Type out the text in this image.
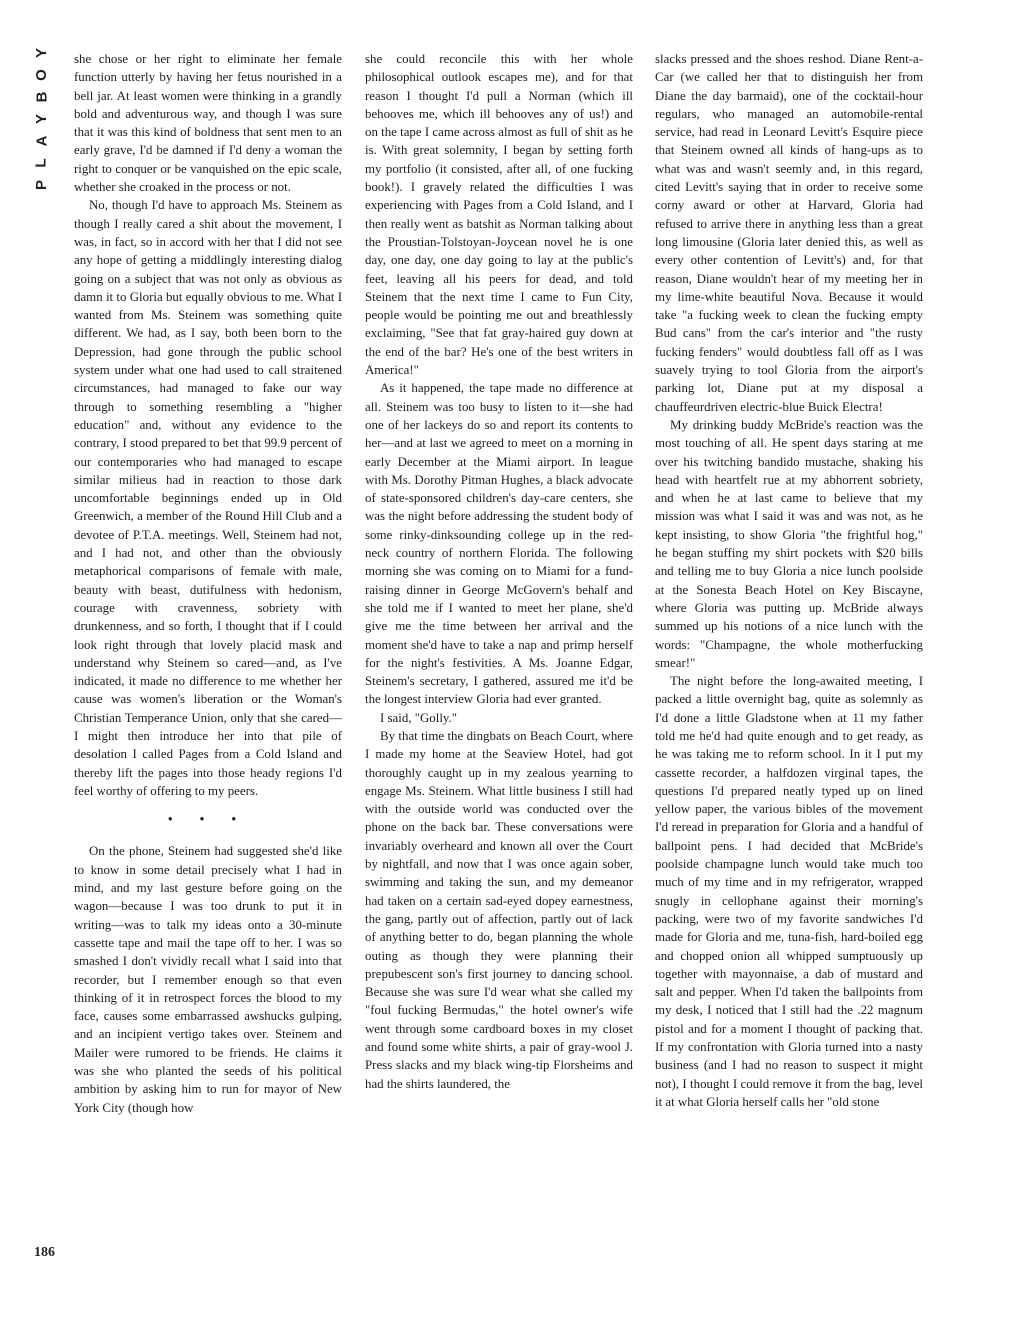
Y
O
B
Y
A
L
P
186

she chose or her right to eliminate her female function utterly by having her fetus nourished in a bell jar. At least women were thinking in a grandly bold and adventurous way, and though I was sure that it was this kind of boldness that sent men to an early grave, I'd be damned if I'd deny a woman the right to conquer or be vanquished on the epic scale, whether she croaked in the process or not.

No, though I'd have to approach Ms. Steinem as though I really cared a shit about the movement, I was, in fact, so in accord with her that I did not see any hope of getting a middlingly interesting dialog going on a subject that was not only as obvious as damn it to Gloria but equally obvious to me. What I wanted from Ms. Steinem was something quite different. We had, as I say, both been born to the Depression, had gone through the public school system under what one had used to call straitened circumstances, had managed to fake our way through to something resembling a "higher education" and, without any evidence to the contrary, I stood prepared to bet that 99.9 percent of our contemporaries who had managed to escape similar milieus had in reaction to those dark uncomfortable beginnings ended up in Old Greenwich, a member of the Round Hill Club and a devotee of P.T.A. meetings. Well, Steinem had not, and I had not, and other than the obviously metaphorical comparisons of female with male, beauty with beast, dutifulness with hedonism, courage with cravenness, sobriety with drunkenness, and so forth, I thought that if I could look right through that lovely placid mask and understand why Steinem so cared—and, as I've indicated, it made no difference to me whether her cause was women's liberation or the Woman's Christian Temperance Union, only that she cared—I might then introduce her into that pile of desolation I called Pages from a Cold Island and thereby lift the pages into those heady regions I'd feel worthy of offering to my peers.

• • •

On the phone, Steinem had suggested she'd like to know in some detail precisely what I had in mind, and my last gesture before going on the wagon—because I was too drunk to put it in writing—was to talk my ideas onto a 30-minute cassette tape and mail the tape off to her. I was so smashed I don't vividly recall what I said into that recorder, but I remember enough so that even thinking of it in retrospect forces the blood to my face, causes some embarrassed awshucks gulping, and an incipient vertigo takes over. Steinem and Mailer were rumored to be friends. He claims it was she who planted the seeds of his political ambition by asking him to run for mayor of New York City (though how

she could reconcile this with her whole philosophical outlook escapes me), and for that reason I thought I'd pull a Norman (which ill behooves me, which ill behooves any of us!) and on the tape I came across almost as full of shit as he is. With great solemnity, I began by setting forth my portfolio (it consisted, after all, of one fucking book!). I gravely related the difficulties I was experiencing with Pages from a Cold Island, and I then really went as batshit as Norman talking about the Proustian-Tolstoyan-Joycean novel he is one day, one day, one day going to lay at the public's feet, leaving all his peers for dead, and told Steinem that the next time I came to Fun City, people would be pointing me out and breathlessly exclaiming, "See that fat gray-haired guy down at the end of the bar? He's one of the best writers in America!"

As it happened, the tape made no difference at all. Steinem was too busy to listen to it—she had one of her lackeys do so and report its contents to her—and at last we agreed to meet on a morning in early December at the Miami airport. In league with Ms. Dorothy Pitman Hughes, a black advocate of state-sponsored children's day-care centers, she was the night before addressing the student body of some rinky-dinksounding college up in the red-neck country of northern Florida. The following morning she was coming on to Miami for a fund-raising dinner in George McGovern's behalf and she told me if I wanted to meet her plane, she'd give me the time between her arrival and the moment she'd have to take a nap and primp herself for the night's festivities. A Ms. Joanne Edgar, Steinem's secretary, I gathered, assured me it'd be the longest interview Gloria had ever granted.

I said, "Golly."

By that time the dingbats on Beach Court, where I made my home at the Seaview Hotel, had got thoroughly caught up in my zealous yearning to engage Ms. Steinem. What little business I still had with the outside world was conducted over the phone on the back bar. These conversations were invariably overheard and known all over the Court by nightfall, and now that I was once again sober, swimming and taking the sun, and my demeanor had taken on a certain sad-eyed dopey earnestness, the gang, partly out of affection, partly out of lack of anything better to do, began planning the whole outing as though they were planning their prepubescent son's first journey to dancing school. Because she was sure I'd wear what she called my "foul fucking Bermudas," the hotel owner's wife went through some cardboard boxes in my closet and found some white shirts, a pair of gray-wool J. Press slacks and my black wing-tip Florsheims and had the shirts laundered, the

slacks pressed and the shoes reshod. Diane Rent-a-Car (we called her that to distinguish her from Diane the day barmaid), one of the cocktail-hour regulars, who managed an automobile-rental service, had read in Leonard Levitt's Esquire piece that Steinem owned all kinds of hang-ups as to what was and wasn't seemly and, in this regard, cited Levitt's saying that in order to receive some corny award or other at Harvard, Gloria had refused to arrive there in anything less than a great long limousine (Gloria later denied this, as well as every other contention of Levitt's) and, for that reason, Diane wouldn't hear of my meeting her in my lime-white beautiful Nova. Because it would take "a fucking week to clean the fucking empty Bud cans" from the car's interior and "the rusty fucking fenders" would doubtless fall off as I was suavely trying to tool Gloria from the airport's parking lot, Diane put at my disposal a chauffeurdriven electric-blue Buick Electra!

My drinking buddy McBride's reaction was the most touching of all. He spent days staring at me over his twitching bandido mustache, shaking his head with heartfelt rue at my abhorrent sobriety, and when he at last came to believe that my mission was what I said it was and was not, as he kept insisting, to show Gloria "the frightful hog," he began stuffing my shirt pockets with $20 bills and telling me to buy Gloria a nice lunch poolside at the Sonesta Beach Hotel on Key Biscayne, where Gloria was putting up. McBride always summed up his notions of a nice lunch with the words: "Champagne, the whole motherfucking smear!"

The night before the long-awaited meeting, I packed a little overnight bag, quite as solemnly as I'd done a little Gladstone when at 11 my father told me he'd had quite enough and to get ready, as he was taking me to reform school. In it I put my cassette recorder, a halfdozen virginal tapes, the questions I'd prepared neatly typed up on lined yellow paper, the various bibles of the movement I'd reread in preparation for Gloria and a handful of ballpoint pens. I had decided that McBride's poolside champagne lunch would take much too much of my time and in my refrigerator, wrapped snugly in cellophane against their morning's packing, were two of my favorite sandwiches I'd made for Gloria and me, tuna-fish, hard-boiled egg and chopped onion all whipped sumptuously up together with mayonnaise, a dab of mustard and salt and pepper. When I'd taken the ballpoints from my desk, I noticed that I still had the .22 magnum pistol and for a moment I thought of packing that. If my confrontation with Gloria turned into a nasty business (and I had no reason to suspect it might not), I thought I could remove it from the bag, level it at what Gloria herself calls her "old stone
